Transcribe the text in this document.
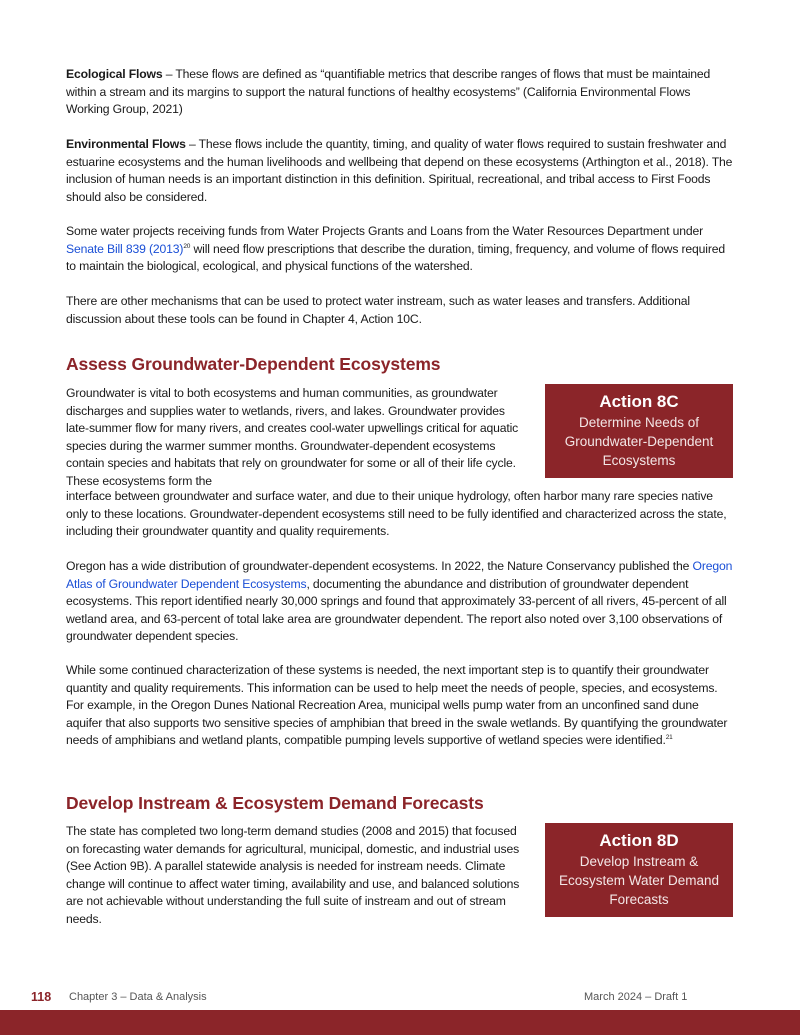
Ecological Flows – These flows are defined as “quantifiable metrics that describe ranges of flows that must be maintained within a stream and its margins to support the natural functions of healthy ecosystems” (California Environmental Flows Working Group, 2021)

Environmental Flows – These flows include the quantity, timing, and quality of water flows required to sustain freshwater and estuarine ecosystems and the human livelihoods and wellbeing that depend on these ecosystems (Arthington et al., 2018). The inclusion of human needs is an important distinction in this definition. Spiritual, recreational, and tribal access to First Foods should also be considered.

Some water projects receiving funds from Water Projects Grants and Loans from the Water Resources Department under Senate Bill 839 $(2013)^{20}$ will need flow prescriptions that describe the duration, timing, frequency, and volume of flows required to maintain the biological, ecological, and physical functions of the watershed.

There are other mechanisms that can be used to protect water instream, such as water leases and transfers. Additional discussion about these tools can be found in Chapter 4, Action 10C.

Assess Groundwater-Dependent Ecosystems

Groundwater is vital to both ecosystems and human communities, as groundwater discharges and supplies water to wetlands, rivers, and lakes. Groundwater provides late-summer flow for many rivers, and creates cool-water upwellings critical for aquatic species during the warmer summer months. Groundwater-dependent ecosystems contain species and habitats that rely on groundwater for some or all of their life cycle. These ecosystems form the

interface between groundwater and surface water, and due to their unique hydrology, often harbor many rare species native only to these locations. Groundwater-dependent ecosystems still need to be fully identified and characterized across the state, including their groundwater quantity and quality requirements.

Action 8C
Determine Needs of Groundwater-Dependent Ecosystems

Oregon has a wide distribution of groundwater-dependent ecosystems. In 2022, the Nature Conservancy published the Oregon Atlas of Groundwater Dependent Ecosystems, documenting the abundance and distribution of groundwater dependent ecosystems. This report identified nearly 30,000 springs and found that approximately 33-percent of all rivers, 45-percent of all wetland area, and 63-percent of total lake area are groundwater dependent. The report also noted over 3,100 observations of groundwater dependent species.

While some continued characterization of these systems is needed, the next important step is to quantify their groundwater quantity and quality requirements. This information can be used to help meet the needs of people, species, and ecosystems. For example, in the Oregon Dunes National Recreation Area, municipal wells pump water from an unconfined sand dune aquifer that also supports two sensitive species of amphibian that breed in the swale wetlands. By quantifying the groundwater needs of amphibians and wetland plants, compatible pumping levels supportive of wetland species were identified.$^{21}$

Develop Instream & Ecosystem Demand Forecasts

The state has completed two long-term demand studies (2008 and 2015) that focused on forecasting water demands for agricultural, municipal, domestic, and industrial uses (See Action 9B). A parallel statewide analysis is needed for instream needs. Climate change will continue to affect water timing, availability and use, and balanced solutions are not achievable without understanding the full suite of instream and out of stream needs.

Action 8D
Develop Instream & Ecosystem Water Demand Forecasts
118 Chapter 3 – Data & Analysis	March 2024 – Draft 1
